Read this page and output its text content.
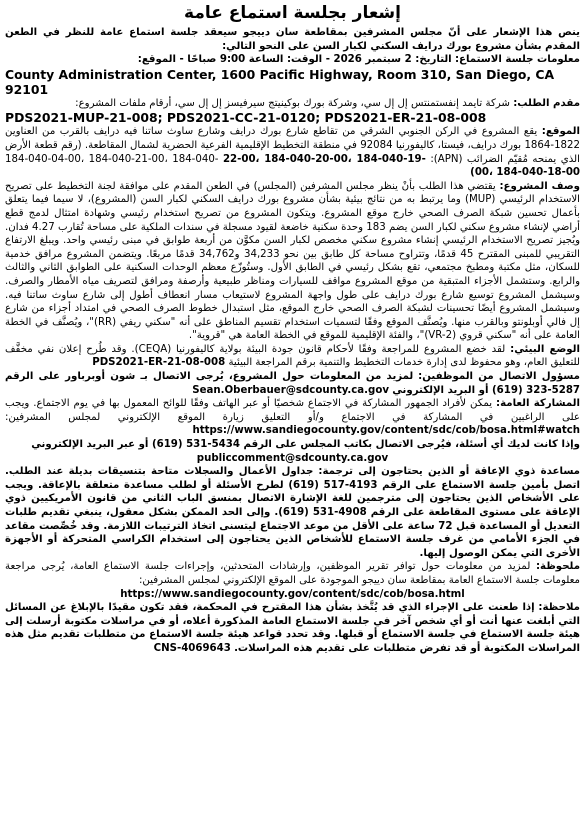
إشعار بجلسة استماع عامة

ينص هذا الإشعار على أنّ مجلس المشرفين بمقاطعة سان دييجو سيعقد جلسة استماع عامة للنظر في الطعن المقدم بشأن مشروع بورك درايف السكني لكبار السن على النحو التالي:

معلومات جلسة الاستماع: التاريخ: 2 سبتمبر 2026 - الوقت: الساعة 9:00 صباحًا - الموقع:

County Administration Center, 1600 Pacific Highway, Room 310, San Diego, CA 92101

مقدم الطلب: شركة تايمد إنفستمنتس إل إل سي، وشركة بورك بوكينيتج سيرفيسز إل إل سي، أرقام ملفات المشروع:

PDS2021-MUP-21-008; PDS2021-CC-21-0120; PDS2021-ER-21-08-008

الموقع: يقع المشروع في الركن الجنوبي الشرقي من تقاطع شارع بورك درايف وشارع ساوث ساتنا فيه درايف بالقرب من العناوين 1822-1864 بورك درايف، فيستا، كاليفورنيا 92084 في منطقة التخطيط الإقليمية الفرعية الحضرية لشمال المقاطعة. (رقم قطعة الأرض الذي يمنحه مُقيّم الضرائب (APN): 184-040-04-00، 184-040-21-00، 184-040- 22-00، 184-040-20-00، 184-040-19-00، 184-040-18-00)

وصف المشروع: يقتضي هذا الطلب بأنْ ينظر مجلس المشرفين (المجلس) في الطعن المقدم على موافقة لجنة التخطيط على تصريح الاستخدام الرئيسي (MUP) وما يرتبط به من نتائج بيئية بشأن مشروع بورك درايف السكني لكبار السن (المشروع)، لا سيما فيما يتعلق بأعمال تحسين شبكة الصرف الصحي خارج موقع المشروع. ويتكون المشروع من تصريح استخدام رئيسي وشهادة امتثال لدمج قطع أراضي لإنشاء مشروع سكني لكبار السن يضم 183 وحدة سكنية خاضعة لقيود مسجلة في سندات الملكية على مساحة تُقارب 4.27 فدان. ويُجيز تصريح الاستخدام الرئيسي إنشاء مشروع سكني مخصص لكبار السن مكوَّن من أربعة طوابق في مبنى رئيسي واحد. ويبلغ الارتفاع التقريبي للمبنى المقترح 45 قدمًا، وتتراوح مساحة كل طابق بين نحو 34,233 و34,762 قدمًا مربعًا. ويتضمن المشروع مرافق خدمية للسكان، مثل مكتبة ومطبخ مجتمعي، تقع بشكل رئيسي في الطابق الأول. وستُوزّع معظم الوحدات السكنية على الطوابق الثاني والثالث والرابع. وستشمل الأجزاء المتبقية من موقع المشروع مواقف للسيارات ومناظر طبيعية وأرصفة ومرافق لتصريف مياه الأمطار والصرف. وسيشمل المشروع توسيع شارع بورك درايف على طول واجهة المشروع لاستيعاب مسار انعطاف أطول إلى شارع ساوث ساتنا فيه. وسيشمل المشروع أيضًا تحسينات لشبكة الصرف الصحي خارج الموقع، مثل استبدال خطوط الصرف الصحي في امتداد أجزاء من شارع إل فالي أوبلونتو وبالقرب منها. ويُصنَّف الموقع وفقًا لتسميات استخدام تقسيم المناطق على أنه "سكني ريفي (RR)"، ويُصنَّف في الخطة العامة على أنه "سكني قروي (VR-2)"، والفئة الإقليمية للموقع في الخطة العامة هي "قروية".

الوضع البيئي: لقد خضع المشروع للمراجعة وفقًا لأحكام قانون جودة البيئة بولاية كاليفورنيا (CEQA). وقد طُرح إعلان نفي مخفَّف للتعليق العام، وهو محفوظ لدى إدارة خدمات التخطيط والتنمية برقم المراجعة البيئية PDS2021-ER-21-08-008

مسؤول الاتصال من الموظفين: لمزيد من المعلومات حول المشروع، يُرجى الاتصال بـ شون أوبرباور على الرقم 5287-323 (619) أو البريد الإلكتروني Sean.Oberbauer@sdcounty.ca.gov

المشاركة العامة: يمكن لأفراد الجمهور المشاركة في الاجتماع شخصيًا أو عبر الهاتف وفقًا للوائح المعمول بها في يوم الاجتماع. ويجب على الراغبين في المشاركة في الاجتماع و/أو التعليق زيارة الموقع الإلكتروني لمجلس المشرفين: https://www.sandiegocounty.gov/content/sdc/cob/bosa.html#watch

وإذا كانت لديك أي أسئلة، فيُرجى الاتصال بكاتب المجلس على الرقم 5434-531 (619) أو عبر البريد الإلكتروني

publiccomment@sdcounty.ca.gov

مساعدة ذوي الإعاقة أو الذين يحتاجون إلى ترجمة: جداول الأعمال والسجلات متاحة بتنسيقات بديلة عند الطلب. اتصل بأمين جلسة الاستماع على الرقم 4193-517 (619) لطرح الأسئلة أو لطلب مساعدة متعلقة بالإعاقة. ويجب على الأشخاص الذين يحتاجون إلى مترجمين للغة الإشارة الاتصال بمنسق الباب الثاني من قانون الأمريكيين ذوي الإعاقة على مستوى المقاطعة على الرقم 4908-531 (619). وإلى الحد الممكن بشكل معقول، ينبغي تقديم طلبات التعديل أو المساعدة قبل 72 ساعة على الأقل من موعد الاجتماع ليتسنى اتخاذ الترتيبات اللازمة. وقد خُصِّصت مقاعد في الجزء الأمامي من غرف جلسة الاستماع للأشخاص الذين يحتاجون إلى استخدام الكراسي المتحركة أو الأجهزة الأخرى التي يمكن الوصول إليها.

ملحوظة: لمزيد من معلومات حول توافر تقرير الموظفين، وإرشادات المتحدثين، وإجراءات جلسة الاستماع العامة، يُرجى مراجعة معلومات جلسة الاستماع العامة بمقاطعة سان دييجو الموجودة على الموقع الإلكتروني لمجلس المشرفين:

https://www.sandiegocounty.gov/content/sdc/cob/bosa.html

ملاحظة: إذا طعنت على الإجراء الذي قد يُتَّخذ بشأن هذا المقترح في المحكمة، فقد تكون مقيدًا بالإبلاغ عن المسائل التي أبلغت عنها أنت أو أي شخص آخر في جلسة الاستماع العامة المذكورة أعلاه، أو في مراسلات مكتوبة أرسلت إلى هيئة جلسة الاستماع في جلسة الاستماع أو قبلها. وقد تحدد قواعد هيئة جلسة الاستماع من متطلبات تقديم مثل هذه المراسلات المكتوبة أو قد تفرض متطلبات على تقديم هذه المراسلات. CNS-4069643
